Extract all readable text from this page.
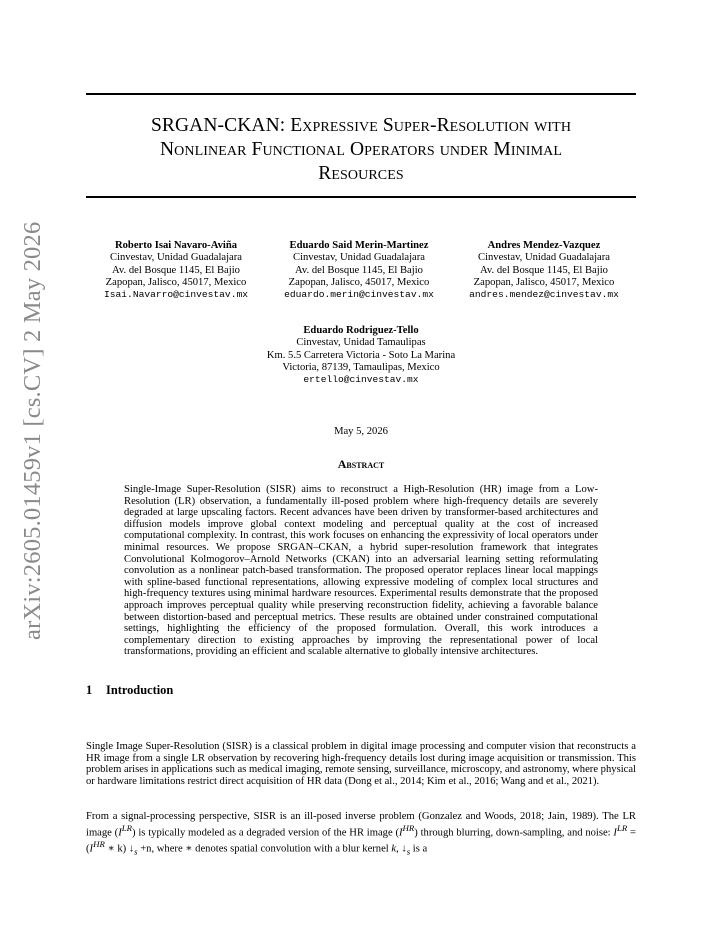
arXiv:2605.01459v1 [cs.CV] 2 May 2026
SRGAN-CKAN: Expressive Super-Resolution with
Nonlinear Functional Operators under Minimal
Resources
Roberto Isai Navaro-Aviña
Cinvestav, Unidad Guadalajara
Av. del Bosque 1145, El Bajio
Zapopan, Jalisco, 45017, Mexico
Isai.Navarro@cinvestav.mx
Eduardo Said Merin-Martinez
Cinvestav, Unidad Guadalajara
Av. del Bosque 1145, El Bajio
Zapopan, Jalisco, 45017, Mexico
eduardo.merin@cinvestav.mx
Andres Mendez-Vazquez
Cinvestav, Unidad Guadalajara
Av. del Bosque 1145, El Bajio
Zapopan, Jalisco, 45017, Mexico
andres.mendez@cinvestav.mx
Eduardo Rodriguez-Tello
Cinvestav, Unidad Tamaulipas
Km. 5.5 Carretera Victoria - Soto La Marina
Victoria, 87139, Tamaulipas, Mexico
ertello@cinvestav.mx
May 5, 2026
Abstract
Single-Image Super-Resolution (SISR) aims to reconstruct a High-Resolution (HR) image from a Low-Resolution (LR) observation, a fundamentally ill-posed problem where high-frequency details are severely degraded at large upscaling factors. Recent advances have been driven by transformer-based architectures and diffusion models improve global context modeling and perceptual quality at the cost of increased computational complexity. In contrast, this work focuses on enhancing the expressivity of local operators under minimal resources. We propose SRGAN–CKAN, a hybrid super-resolution framework that integrates Convolutional Kolmogorov–Arnold Networks (CKAN) into an adversarial learning setting reformulating convolution as a nonlinear patch-based transformation. The proposed operator replaces linear local mappings with spline-based functional representations, allowing expressive modeling of complex local structures and high-frequency textures using minimal hardware resources. Experimental results demonstrate that the proposed approach improves perceptual quality while preserving reconstruction fidelity, achieving a favorable balance between distortion-based and perceptual metrics. These results are obtained under constrained computational settings, highlighting the efficiency of the proposed formulation. Overall, this work introduces a complementary direction to existing approaches by improving the representational power of local transformations, providing an efficient and scalable alternative to globally intensive architectures.
1 Introduction
Single Image Super-Resolution (SISR) is a classical problem in digital image processing and computer vision that reconstructs a HR image from a single LR observation by recovering high-frequency details lost during image acquisition or transmission. This problem arises in applications such as medical imaging, remote sensing, surveillance, microscopy, and astronomy, where physical or hardware limitations restrict direct acquisition of HR data (Dong et al., 2014; Kim et al., 2016; Wang and et al., 2021).
From a signal-processing perspective, SISR is an ill-posed inverse problem (Gonzalez and Woods, 2018; Jain, 1989). The LR image $(I^{LR})$ is typically modeled as a degraded version of the HR image $(I^{HR})$ through blurring, down-sampling, and noise: $I^{LR} = (I^{HR}$ ∗ k) $↓_s +n$, where ∗ denotes spatial convolution with a blur kernel k, $↓_s$ is a
